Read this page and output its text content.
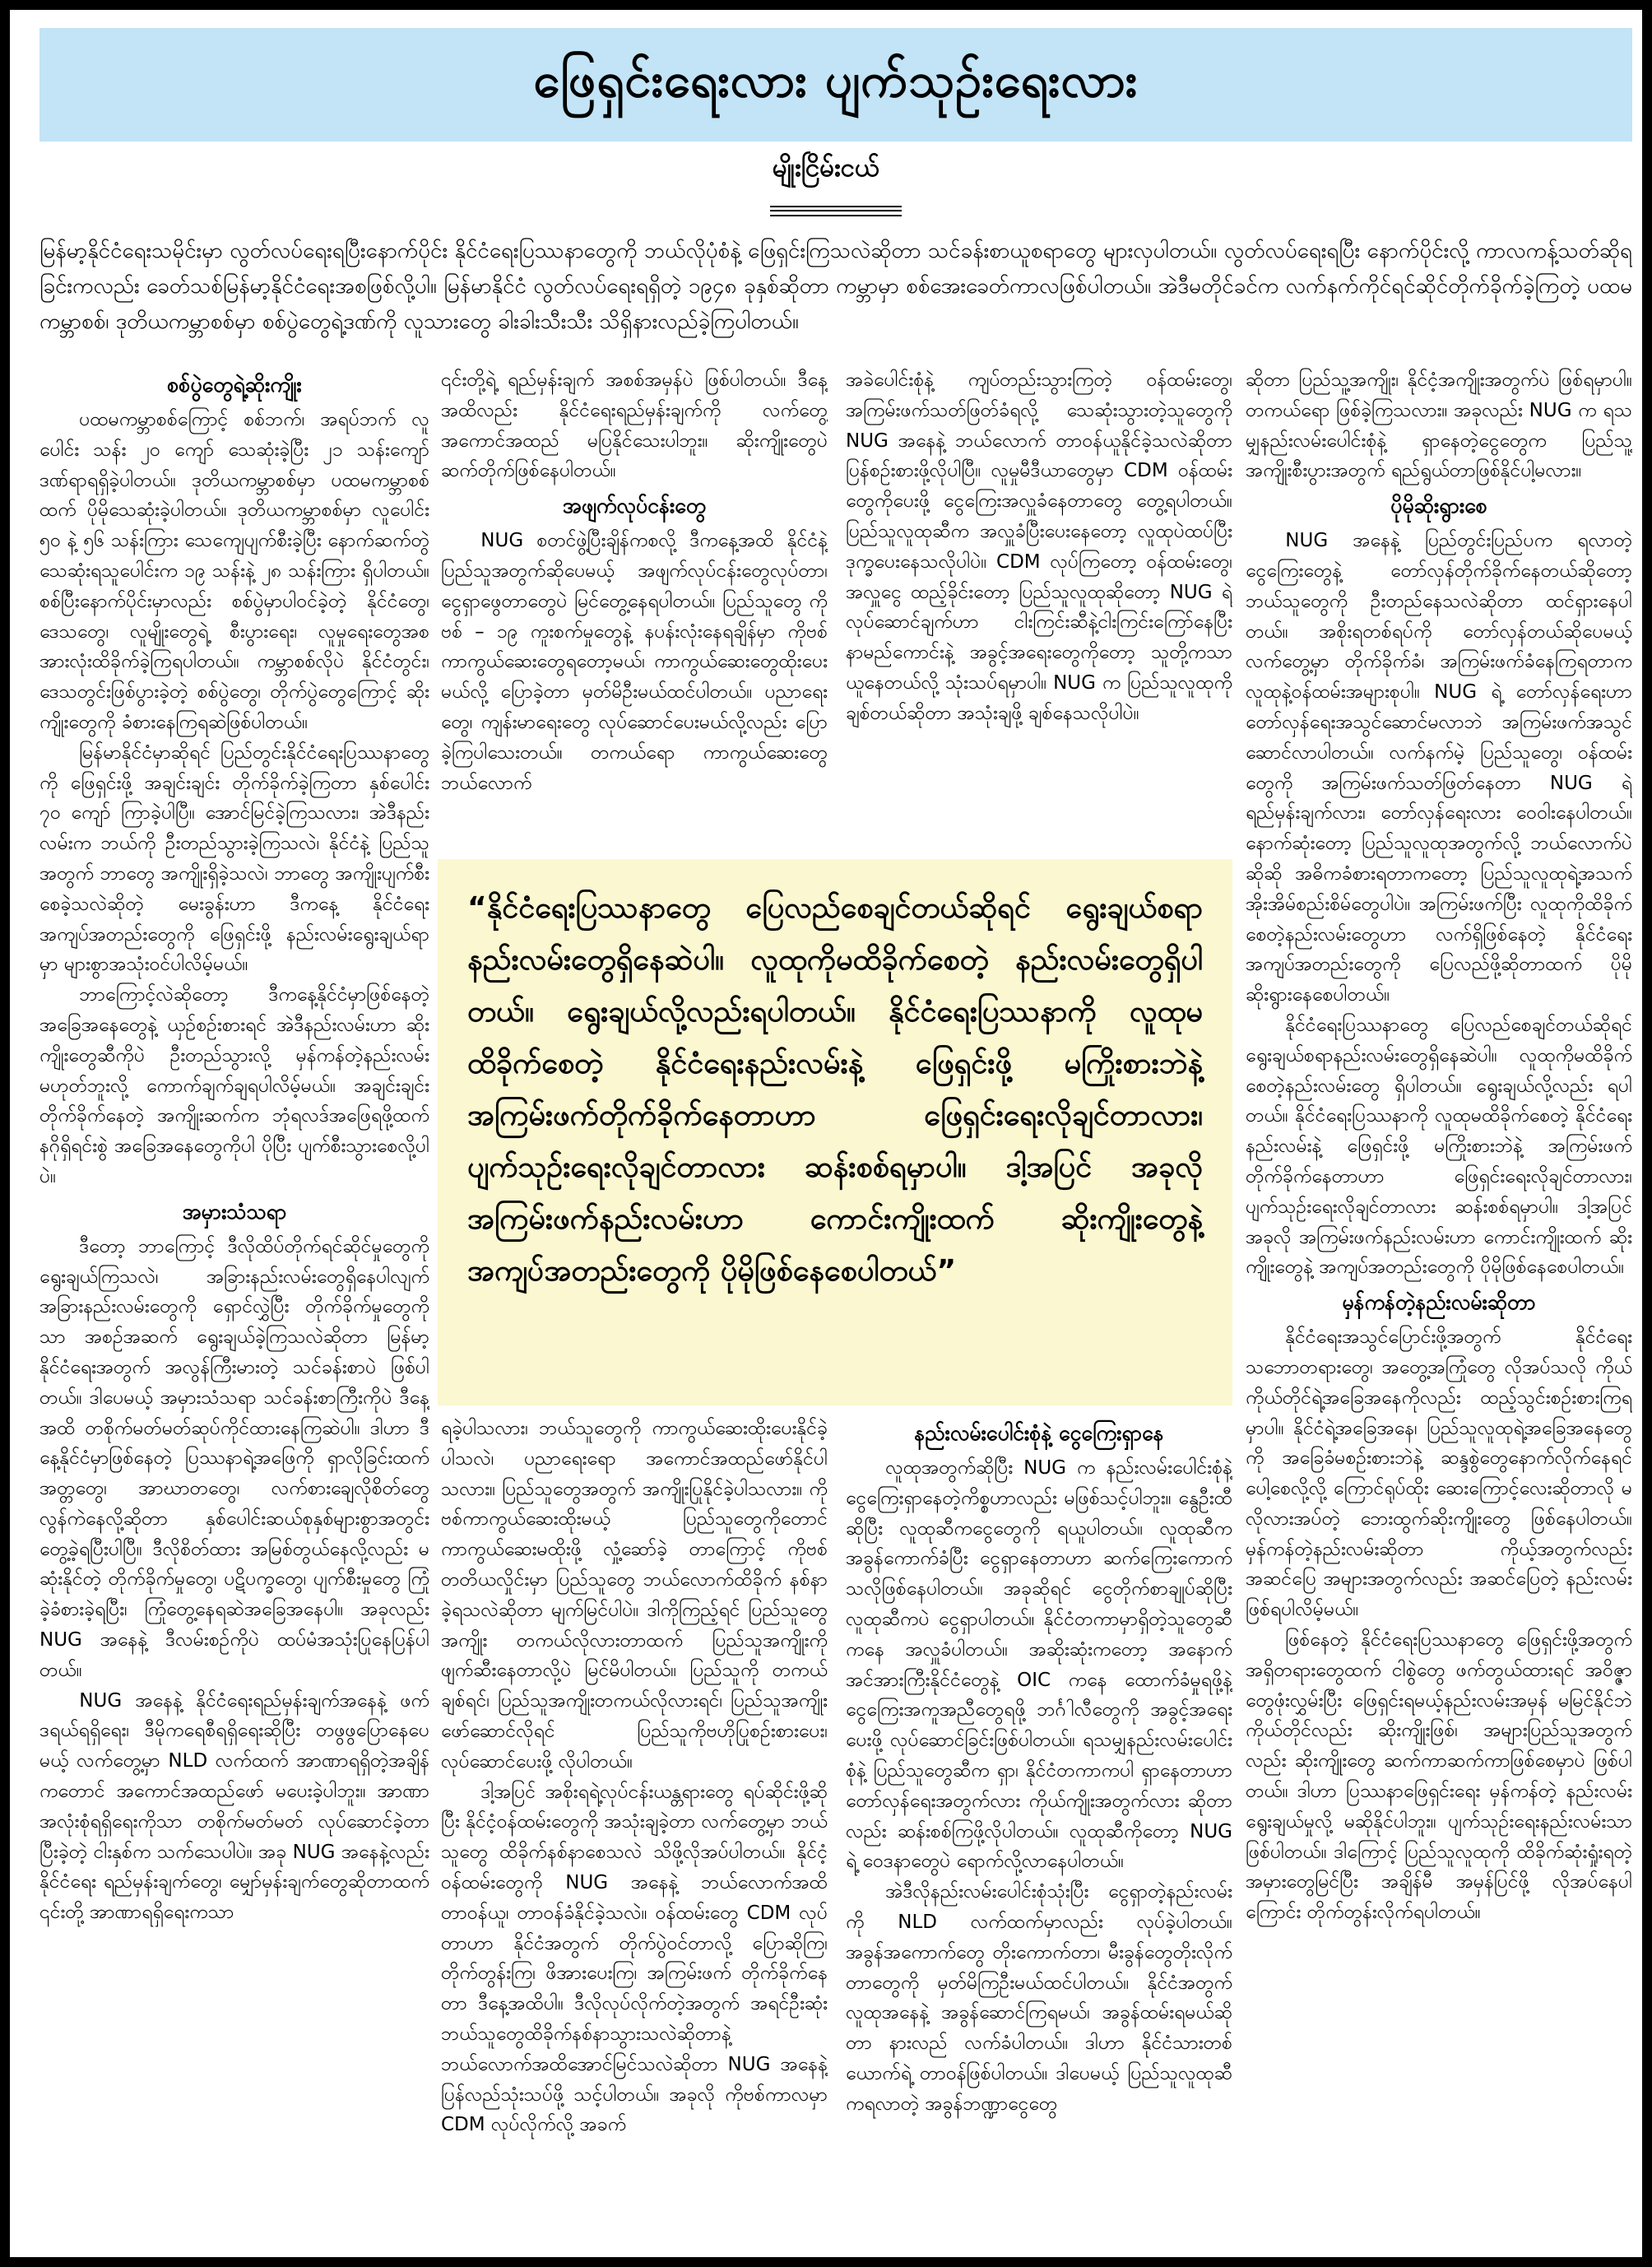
ဖြေရှင်းရေးလား ပျက်သုဉ်းရေးလား
မျိုးငြိမ်းငယ်
မြန်မာ့နိုင်ငံရေးသမိုင်းမှာ လွတ်လပ်ရေးရပြီးနောက်ပိုင်း နိုင်ငံရေးပြဿနာတွေကို ဘယ်လိုပုံစံနဲ့ ဖြေရှင်းကြသလဲဆိုတာ သင်ခန်းစာယူစရာတွေ များလှပါတယ်။ လွတ်လပ်ရေးရပြီး နောက်ပိုင်းလို့ ကာလကန့်သတ်ဆိုရခြင်းကလည်း ခေတ်သစ်မြန်မာ့နိုင်ငံရေးအစဖြစ်လို့ပါ။ မြန်မာနိုင်ငံ လွတ်လပ်ရေးရရှိတဲ့ ၁၉၄၈ ခုနှစ်ဆိုတာ ကမ္ဘာမှာ စစ်အေးခေတ်ကာလဖြစ်ပါတယ်။ အဲဒီမတိုင်ခင်က လက်နက်ကိုင်ရင်ဆိုင်တိုက်ခိုက်ခဲ့ကြတဲ့ ပထမကမ္ဘာစစ်၊ ဒုတိယကမ္ဘာစစ်မှာ စစ်ပွဲတွေရဲ့ဒဏ်ကို လူသားတွေ ခါးခါးသီးသီး သိရှိနားလည်ခဲ့ကြပါတယ်။
စစ်ပွဲတွေရဲ့ဆိုးကျိုး
ပထမကမ္ဘာစစ်ကြောင့် စစ်ဘက်၊ အရပ်ဘက် လူပေါင်း သန်း ၂၀ ကျော် သေဆုံးခဲ့ပြီး ၂၁ သန်းကျော် ဒဏ်ရာရရှိခဲ့ပါတယ်။ ဒုတိယကမ္ဘာစစ်မှာ ပထမကမ္ဘာစစ်ထက် ပိုမိုသေဆုံးခဲ့ပါတယ်။ ဒုတိယကမ္ဘာစစ်မှာ လူပေါင်း ၅၀ နဲ့ ၅၆ သန်းကြား သေကျေပျက်စီးခဲ့ပြီး နောက်ဆက်တွဲ သေဆုံးရသူပေါင်းက ၁၉ သန်းနဲ့ ၂၈ သန်းကြား ရှိပါတယ်။ စစ်ပြီးနောက်ပိုင်းမှာလည်း စစ်ပွဲမှာပါဝင်ခဲ့တဲ့ နိုင်ငံတွေ၊ ဒေသတွေ၊ လူမျိုးတွေရဲ့ စီးပွားရေး၊ လူမှုရေးတွေအစ အားလုံးထိခိုက်ခဲ့ကြရပါတယ်။ ကမ္ဘာစစ်လိုပဲ နိုင်ငံတွင်း၊ ဒေသတွင်းဖြစ်ပွားခဲ့တဲ့ စစ်ပွဲတွေ၊ တိုက်ပွဲတွေကြောင့် ဆိုးကျိုးတွေကို ခံစားနေကြရဆဲဖြစ်ပါတယ်။
မြန်မာနိုင်ငံမှာဆိုရင် ပြည်တွင်းနိုင်ငံရေးပြဿနာတွေကို ဖြေရှင်းဖို့ အချင်းချင်း တိုက်ခိုက်ခဲ့ကြတာ နှစ်ပေါင်း ၇၀ ကျော် ကြာခဲ့ပါပြီ။ အောင်မြင်ခဲ့ကြသလား၊ အဲဒီနည်းလမ်းက ဘယ်ကို ဦးတည်သွားခဲ့ကြသလဲ၊ နိုင်ငံနဲ့ ပြည်သူအတွက် ဘာတွေ အကျိုးရှိခဲ့သလဲ၊ ဘာတွေ အကျိုးပျက်စီးစေခဲ့သလဲဆိုတဲ့ မေးခွန်းဟာ ဒီကနေ့ နိုင်ငံရေးအကျပ်အတည်းတွေကို ဖြေရှင်းဖို့ နည်းလမ်းရွေးချယ်ရာမှာ များစွာအသုံးဝင်ပါလိမ့်မယ်။
ဘာကြောင့်လဲဆိုတော့ ဒီကနေ့နိုင်ငံမှာဖြစ်နေတဲ့အခြေအနေတွေနဲ့ ယှဉ်စဉ်းစားရင် အဲဒီနည်းလမ်းဟာ ဆိုးကျိုးတွေဆီကိုပဲ ဦးတည်သွားလို့ မှန်ကန်တဲ့နည်းလမ်း မဟုတ်ဘူးလို့ ကောက်ချက်ချရပါလိမ့်မယ်။ အချင်းချင်းတိုက်ခိုက်နေတဲ့ အကျိုးဆက်က ဘုံရလဒ်အဖြေရဖို့ထက် နဂိုရှိရင်းစွဲ အခြေအနေတွေကိုပါ ပိုပြီး ပျက်စီးသွားစေလို့ပါပဲ။
အမှားသံသရာ
ဒီတော့ ဘာကြောင့် ဒီလိုထိပ်တိုက်ရင်ဆိုင်မှုတွေကို ရွေးချယ်ကြသလဲ၊ အခြားနည်းလမ်းတွေရှိနေပါလျက် အခြားနည်းလမ်းတွေကို ရှောင်လွှဲပြီး တိုက်ခိုက်မှုတွေကိုသာ အစဉ်အဆက် ရွေးချယ်ခဲ့ကြသလဲဆိုတာ မြန်မာ့နိုင်ငံရေးအတွက် အလွန်ကြီးမားတဲ့ သင်ခန်းစာပဲ ဖြစ်ပါတယ်။ ဒါပေမယ့် အမှားသံသရာ သင်ခန်းစာကြီးကိုပဲ ဒီနေ့အထိ တစိုက်မတ်မတ်ဆုပ်ကိုင်ထားနေကြဆဲပါ။ ဒါဟာ ဒီနေ့နိုင်ငံမှာဖြစ်နေတဲ့ ပြဿနာရဲ့အဖြေကို ရှာလိုခြင်းထက် အတ္တတွေ၊ အာဃာတတွေ၊ လက်စားချေလိုစိတ်တွေ လွန်ကဲနေလို့ဆိုတာ နှစ်ပေါင်းဆယ်စုနှစ်များစွာအတွင်း တွေ့ခဲ့ရပြီးပါပြီ။ ဒီလိုစိတ်ထား အမြစ်တွယ်နေလို့လည်း မဆုံးနိုင်တဲ့ တိုက်ခိုက်မှုတွေ၊ ပဋိပက္ခတွေ၊ ပျက်စီးမှုတွေ ကြုံခဲ့ခံစားခဲ့ရပြီး၊ ကြုံတွေ့နေရဆဲအခြေအနေပါ။ အခုလည်း NUG အနေနဲ့ ဒီလမ်းစဉ်ကိုပဲ ထပ်မံအသုံးပြုနေပြန်ပါတယ်။
NUG အနေနဲ့ နိုင်ငံရေးရည်မှန်းချက်အနေနဲ့ ဖက်ဒရယ်ရရှိရေး၊ ဒီမိုကရေစီရရှိရေးဆိုပြီး တဖွဖွပြောနေပေမယ့် လက်တွေ့မှာ NLD လက်ထက် အာဏာရရှိတဲ့အချိန်ကတောင် အကောင်အထည်ဖော် မပေးခဲ့ပါဘူး။ အာဏာအလုံးစုံရရှိရေးကိုသာ တစိုက်မတ်မတ် လုပ်ဆောင်ခဲ့တာ ပြီးခဲ့တဲ့ ငါးနှစ်က သက်သေပါပဲ။ အခု NUG အနေနဲ့လည်း နိုင်ငံရေး ရည်မှန်းချက်တွေ၊ မျှော်မှန်းချက်တွေဆိုတာထက် ၎င်းတို့ အာဏာရရှိရေးကသာ
၎င်းတို့ရဲ့ ရည်မှန်းချက် အစစ်အမှန်ပဲ ဖြစ်ပါတယ်။ ဒီနေ့ အထိလည်း နိုင်ငံရေးရည်မှန်းချက်ကို လက်တွေ့အကောင်အထည် မပြနိုင်သေးပါဘူး။ ဆိုးကျိုးတွေပဲ ဆက်တိုက်ဖြစ်နေပါတယ်။
အဖျက်လုပ်ငန်းတွေ
NUG စတင်ဖွဲ့ပြီးချိန်ကစလို့ ဒီကနေ့အထိ နိုင်ငံနဲ့ပြည်သူအတွက်ဆိုပေမယ့် အဖျက်လုပ်ငန်းတွေလုပ်တာ၊ ငွေရှာဖွေတာတွေပဲ မြင်တွေ့နေရပါတယ်။ ပြည်သူတွေ ကိုဗစ် – ၁၉ ကူးစက်မှုတွေနဲ့ နပန်းလုံးနေရချိန်မှာ ကိုဗစ်ကာကွယ်ဆေးတွေရတော့မယ်၊ ကာကွယ်ဆေးတွေထိုးပေးမယ်လို့ ပြောခဲ့တာ မှတ်မိဦးမယ်ထင်ပါတယ်။ ပညာရေးတွေ၊ ကျန်းမာရေးတွေ လုပ်ဆောင်ပေးမယ်လို့လည်း ပြောခဲ့ကြပါသေးတယ်။ တကယ်ရော ကာကွယ်ဆေးတွေ ဘယ်လောက်
အခဲပေါင်းစုံနဲ့ ကျပ်တည်းသွားကြတဲ့ ဝန်ထမ်းတွေ၊ အကြမ်းဖက်သတ်ဖြတ်ခံရလို့ သေဆုံးသွားတဲ့သူတွေကို NUG အနေနဲ့ ဘယ်လောက် တာဝန်ယူနိုင်ခဲ့သလဲဆိုတာ ပြန်စဉ်းစားဖို့လိုပါပြီ။ လူမှုမီဒီယာတွေမှာ CDM ဝန်ထမ်းတွေကိုပေးဖို့ ငွေကြေးအလှူခံနေတာတွေ တွေ့ရပါတယ်။ ပြည်သူလူထုဆီက အလှူခံပြီးပေးနေတော့ လူထုပဲထပ်ပြီး ဒုက္ခပေးနေသလိုပါပဲ။ CDM လုပ်ကြတော့ ဝန်ထမ်းတွေ၊ အလှူငွေ ထည့်ခိုင်းတော့ ပြည်သူလူထုဆိုတော့ NUG ရဲ့ လုပ်ဆောင်ချက်ဟာ ငါးကြင်းဆီနဲ့ငါးကြင်းကြော်နေပြီး နာမည်ကောင်းနဲ့ အခွင့်အရေးတွေကိုတော့ သူတို့ကသာ ယူနေတယ်လို့ သုံးသပ်ရမှာပါ။ NUG က ပြည်သူလူထုကို ချစ်တယ်ဆိုတာ အသုံးချဖို့ ချစ်နေသလိုပါပဲ။
“နိုင်ငံရေးပြဿနာတွေ ပြေလည်စေချင်တယ်ဆိုရင် ရွေးချယ်စရာနည်းလမ်းတွေရှိနေဆဲပါ။ လူထုကိုမထိခိုက်စေတဲ့ နည်းလမ်းတွေရှိပါတယ်။ ရွေးချယ်လို့လည်းရပါတယ်။ နိုင်ငံရေးပြဿနာကို လူထုမထိခိုက်စေတဲ့ နိုင်ငံရေးနည်းလမ်းနဲ့ ဖြေရှင်းဖို့ မကြိုးစားဘဲနဲ့ အကြမ်းဖက်တိုက်ခိုက်နေတာဟာ ဖြေရှင်းရေးလိုချင်တာလား၊ ပျက်သုဉ်းရေးလိုချင်တာလား ဆန်းစစ်ရမှာပါ။ ဒါ့အပြင် အခုလို အကြမ်းဖက်နည်းလမ်းဟာ ကောင်းကျိုးထက် ဆိုးကျိုးတွေနဲ့ အကျပ်အတည်းတွေကို ပိုမိုဖြစ်နေစေပါတယ်”
ရခဲ့ပါသလား၊ ဘယ်သူတွေကို ကာကွယ်ဆေးထိုးပေးနိုင်ခဲ့ပါသလဲ၊ ပညာရေးရော အကောင်အထည်ဖော်နိုင်ပါသလား။ ပြည်သူတွေအတွက် အကျိုးပြုနိုင်ခဲ့ပါသလား။ ကိုဗစ်ကာကွယ်ဆေးထိုးမယ့် ပြည်သူတွေကိုတောင် ကာကွယ်ဆေးမထိုးဖို့ လှုံ့ဆော်ခဲ့ တာကြောင့် ကိုဗစ်တတိယလှိုင်းမှာ ပြည်သူတွေ ဘယ်လောက်ထိခိုက် နစ်နာခဲ့ရသလဲဆိုတာ မျက်မြင်ပါပဲ။ ဒါကိုကြည့်ရင် ပြည်သူတွေအကျိုး တကယ်လိုလားတာထက် ပြည်သူအကျိုးကို ဖျက်ဆီးနေတာလို့ပဲ မြင်မိပါတယ်။ ပြည်သူကို တကယ်ချစ်ရင်၊ ပြည်သူအကျိုးတကယ်လိုလားရင်၊ ပြည်သူအကျိုးဖော်ဆောင်လိုရင် ပြည်သူကိုဗဟိုပြုစဉ်းစားပေး၊ လုပ်ဆောင်ပေးဖို့ လိုပါတယ်။
ဒါ့အပြင် အစိုးရရဲ့လုပ်ငန်းယန္တရားတွေ ရပ်ဆိုင်းဖို့ဆိုပြီး နိုင်ငံ့ဝန်ထမ်းတွေကို အသုံးချခဲ့တာ လက်တွေ့မှာ ဘယ်သူတွေ ထိခိုက်နစ်နာစေသလဲ သိဖို့လိုအပ်ပါတယ်။ နိုင်ငံ့ဝန်ထမ်းတွေကို NUG အနေနဲ့ ဘယ်လောက်အထိ တာဝန်ယူ၊ တာဝန်ခံနိုင်ခဲ့သလဲ။ ဝန်ထမ်းတွေ CDM လုပ်တာဟာ နိုင်ငံအတွက် တိုက်ပွဲဝင်တာလို့ ပြောဆိုကြ၊ တိုက်တွန်းကြ၊ ဖိအားပေးကြ၊ အကြမ်းဖက် တိုက်ခိုက်နေတာ ဒီနေ့အထိပါ။ ဒီလိုလုပ်လိုက်တဲ့အတွက် အရင်ဦးဆုံး ဘယ်သူတွေထိခိုက်နစ်နာသွားသလဲဆိုတာနဲ့ ဘယ်လောက်အထိအောင်မြင်သလဲဆိုတာ NUG အနေနဲ့ ပြန်လည်သုံးသပ်ဖို့ သင့်ပါတယ်။ အခုလို ကိုဗစ်ကာလမှာ CDM လုပ်လိုက်လို့ အခက်
နည်းလမ်းပေါင်းစုံနဲ့ ငွေကြေးရှာနေ
လူထုအတွက်ဆိုပြီး NUG က နည်းလမ်းပေါင်းစုံနဲ့ ငွေကြေးရှာနေတဲ့ကိစ္စဟာလည်း မဖြစ်သင့်ပါဘူး။ နွေဦးထီဆိုပြီး လူထုဆီကငွေတွေကို ရယူပါတယ်။ လူထုဆီက အခွန်ကောက်ခံပြီး ငွေရှာနေတာဟာ ဆက်ကြေးကောက်သလိုဖြစ်နေပါတယ်။ အခုဆိုရင် ငွေတိုက်စာချုပ်ဆိုပြီး လူထုဆီကပဲ ငွေရှာပါတယ်။ နိုင်ငံတကာမှာရှိတဲ့သူတွေဆီကနေ အလှူခံပါတယ်။ အဆိုးဆုံးကတော့ အနောက်အင်အားကြီးနိုင်ငံတွေနဲ့ OIC ကနေ ထောက်ခံမှုရဖို့နဲ့ ငွေကြေးအကူအညီတွေရဖို့ ဘင်္ဂါလီတွေကို အခွင့်အရေးပေးဖို့ လုပ်ဆောင်ခြင်းဖြစ်ပါတယ်။ ရသမျှနည်းလမ်းပေါင်းစုံနဲ့ ပြည်သူတွေဆီက ရှာ၊ နိုင်ငံတကာကပါ ရှာနေတာဟာ တော်လှန်ရေးအတွက်လား ကိုယ်ကျိုးအတွက်လား ဆိုတာလည်း ဆန်းစစ်ကြဖို့လိုပါတယ်။ လူထုဆီကိုတော့ NUG ရဲ့ ဝေဒနာတွေပဲ ရောက်လို့လာနေပါတယ်။
အဲဒီလိုနည်းလမ်းပေါင်းစုံသုံးပြီး ငွေရှာတဲ့နည်းလမ်းကို NLD လက်ထက်မှာလည်း လုပ်ခဲ့ပါတယ်။ အခွန်အကောက်တွေ တိုးကောက်တာ၊ မီးခွန်တွေတိုးလိုက်တာတွေကို မှတ်မိကြဦးမယ်ထင်ပါတယ်။ နိုင်ငံအတွက် လူထုအနေနဲ့ အခွန်ဆောင်ကြရမယ်၊ အခွန်ထမ်းရမယ်ဆိုတာ နားလည် လက်ခံပါတယ်။ ဒါဟာ နိုင်ငံသားတစ်ယောက်ရဲ့ တာဝန်ဖြစ်ပါတယ်။ ဒါပေမယ့် ပြည်သူလူထုဆီကရလာတဲ့ အခွန်ဘဏ္ဍာငွေတွေ
ဆိုတာ ပြည်သူ့အကျိုး၊ နိုင်ငံ့အကျိုးအတွက်ပဲ ဖြစ်ရမှာပါ။ တကယ်ရော ဖြစ်ခဲ့ကြသလား။ အခုလည်း NUG က ရသမျှနည်းလမ်းပေါင်းစုံနဲ့ ရှာနေတဲ့ငွေတွေက ပြည်သူ့အကျိုးစီးပွားအတွက် ရည်ရွယ်တာဖြစ်နိုင်ပါ့မလား။
ပိုမိုဆိုးရွားစေ
NUG အနေနဲ့ ပြည်တွင်းပြည်ပက ရလာတဲ့ ငွေကြေးတွေနဲ့ တော်လှန်တိုက်ခိုက်နေတယ်ဆိုတော့ ဘယ်သူတွေကို ဦးတည်နေသလဲဆိုတာ ထင်ရှားနေပါတယ်။ အစိုးရတစ်ရပ်ကို တော်လှန်တယ်ဆိုပေမယ့် လက်တွေ့မှာ တိုက်ခိုက်ခံ၊ အကြမ်းဖက်ခံနေကြရတာက လူထုနဲ့ဝန်ထမ်းအများစုပါ။ NUG ရဲ့ တော်လှန်ရေးဟာ တော်လှန်ရေးအသွင်ဆောင်မလာဘဲ အကြမ်းဖက်အသွင်ဆောင်လာပါတယ်။ လက်နက်မဲ့ ပြည်သူတွေ၊ ဝန်ထမ်းတွေကို အကြမ်းဖက်သတ်ဖြတ်နေတာ NUG ရဲ့ ရည်မှန်းချက်လား၊ တော်လှန်ရေးလား ဝေဝါးနေပါတယ်။ နောက်ဆုံးတော့ ပြည်သူလူထုအတွက်လို့ ဘယ်လောက်ပဲဆိုဆို အဓိကခံစားရတာကတော့ ပြည်သူလူထုရဲ့အသက် အိုးအိမ်စည်းစိမ်တွေပါပဲ။ အကြမ်းဖက်ပြီး လူထုကိုထိခိုက်စေတဲ့နည်းလမ်းတွေဟာ လက်ရှိဖြစ်နေတဲ့ နိုင်ငံရေးအကျပ်အတည်းတွေကို ပြေလည်ဖို့ဆိုတာထက် ပိုမိုဆိုးရွားနေစေပါတယ်။
နိုင်ငံရေးပြဿနာတွေ ပြေလည်စေချင်တယ်ဆိုရင် ရွေးချယ်စရာနည်းလမ်းတွေရှိနေဆဲပါ။ လူထုကိုမထိခိုက်စေတဲ့နည်းလမ်းတွေ ရှိပါတယ်။ ရွေးချယ်လို့လည်း ရပါတယ်။ နိုင်ငံရေးပြဿနာကို လူထုမထိခိုက်စေတဲ့ နိုင်ငံရေးနည်းလမ်းနဲ့ ဖြေရှင်းဖို့ မကြိုးစားဘဲနဲ့ အကြမ်းဖက်တိုက်ခိုက်နေတာဟာ ဖြေရှင်းရေးလိုချင်တာလား၊ ပျက်သုဉ်းရေးလိုချင်တာလား ဆန်းစစ်ရမှာပါ။ ဒါ့အပြင် အခုလို အကြမ်းဖက်နည်းလမ်းဟာ ကောင်းကျိုးထက် ဆိုးကျိုးတွေနဲ့ အကျပ်အတည်းတွေကို ပိုမိုဖြစ်နေစေပါတယ်။
မှန်ကန်တဲ့နည်းလမ်းဆိုတာ
နိုင်ငံရေးအသွင်ပြောင်းဖို့အတွက် နိုင်ငံရေးသဘောတရားတွေ၊ အတွေ့အကြုံတွေ လိုအပ်သလို ကိုယ်ကိုယ်တိုင်ရဲ့အခြေအနေကိုလည်း ထည့်သွင်းစဉ်းစားကြရမှာပါ။ နိုင်ငံရဲ့အခြေအနေ၊ ပြည်သူလူထုရဲ့အခြေအနေတွေကို အခြေခံမစဉ်းစားဘဲနဲ့ ဆန္ဒစွဲတွေနောက်လိုက်နေရင် ပေါ့စေလို့လို့ ကြောင်ရုပ်ထိုး ဆေးကြောင့်လေးဆိုတာလို မလိုလားအပ်တဲ့ ဘေးထွက်ဆိုးကျိုးတွေ ဖြစ်နေပါတယ်။ မှန်ကန်တဲ့နည်းလမ်းဆိုတာ ကိုယ့်အတွက်လည်း အဆင်ပြေ အများအတွက်လည်း အဆင်ပြေတဲ့ နည်းလမ်း ဖြစ်ရပါလိမ့်မယ်။
ဖြစ်နေတဲ့ နိုင်ငံရေးပြဿနာတွေ ဖြေရှင်းဖို့အတွက် အရှိတရားတွေထက် ငါစွဲတွေ ဖက်တွယ်ထားရင် အဝိဇ္ဇာတွေဖုံးလွှမ်းပြီး ဖြေရှင်းရမယ့်နည်းလမ်းအမှန် မမြင်နိုင်ဘဲ ကိုယ်တိုင်လည်း ဆိုးကျိုးဖြစ်၊ အများပြည်သူအတွက်လည်း ဆိုးကျိုးတွေ ဆက်ကာဆက်ကာဖြစ်စေမှာပဲ ဖြစ်ပါတယ်။ ဒါဟာ ပြဿနာဖြေရှင်းရေး မှန်ကန်တဲ့ နည်းလမ်းရွေးချယ်မှုလို့ မဆိုနိုင်ပါဘူး။ ပျက်သုဉ်းရေးနည်းလမ်းသာဖြစ်ပါတယ်။ ဒါကြောင့် ပြည်သူလူထုကို ထိခိုက်ဆုံးရှုံးရတဲ့ အမှားတွေမြင်ပြီး အချိန်မီ အမှန်ပြင်ဖို့ လိုအပ်နေပါကြောင်း တိုက်တွန်းလိုက်ရပါတယ်။
